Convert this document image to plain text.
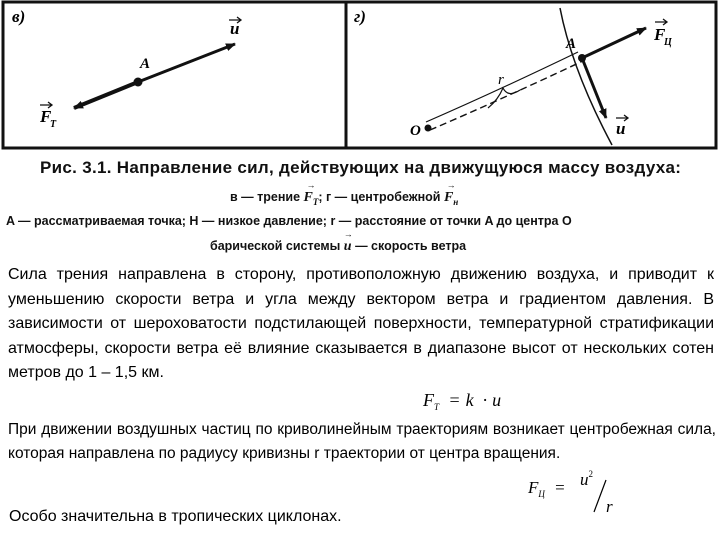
в)
A
u
F
Т
г)
O
r
A	F
Ц
u
Рис. 3.1. Направление сил, действующих на движущуюся массу воздуха:
в — трение → $F_Т$; г — центробежной → $F_н$
A — рассматриваемая точка; Н — низкое давление; r — расстояние от точки A до центра O
барической системы → u — скорость ветра
Сила трения направлена в сторону, противоположную движению воздуха, и приводит к уменьшению скорости ветра и угла между вектором ветра и градиентом давления. В зависимости от шероховатости подстилающей поверхности, температурной стратификации атмосферы, скорости ветра её влияние сказывается в диапазоне высот от нескольких сотен метров до 1 – 1,5 км.
$F_Т = k \cdot u$
При движении воздушных частиц по криволинейным траекториям возникает центробежная сила, которая направлена по радиусу кривизны r траектории от центра вращения.
$F_Ц = u^2$
r
Особо значительна в тропических циклонах.
